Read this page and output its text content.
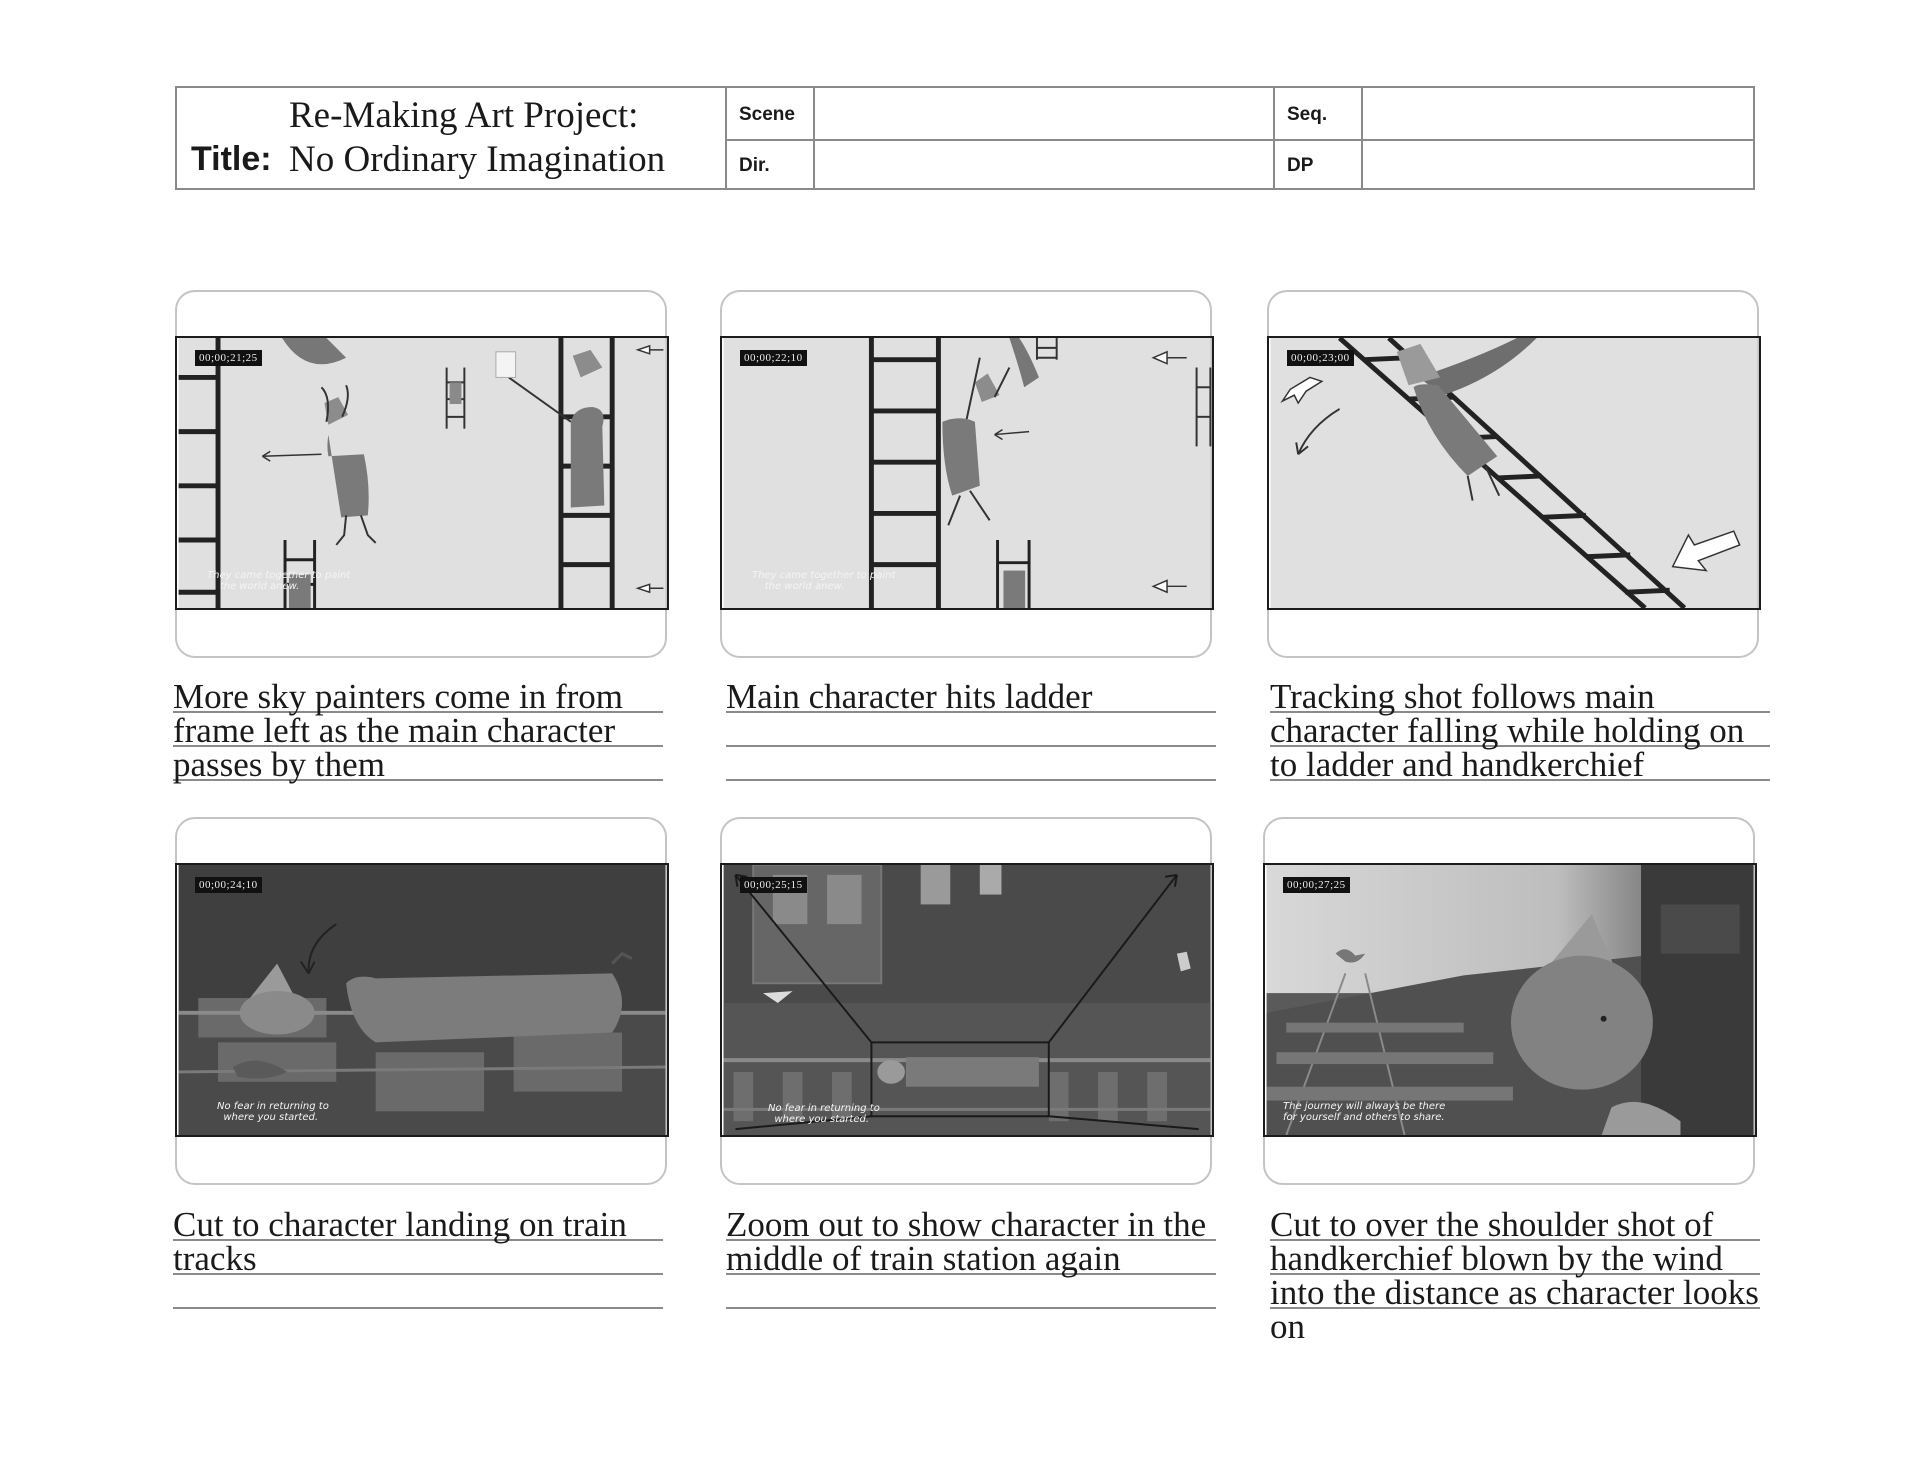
Re-Making Art Project:
Title: No Ordinary Imagination
Scene	Seq.
Dir.	DP
00;00;21;25
They came together to paint
the world anew.
More sky painters come in from frame left as the main character passes by them
00;00;22;10
They came together to paint
the world anew.
Main character hits ladder
00;00;23;00
Tracking shot follows main character falling while holding on to ladder and handkerchief
00;00;24;10
No fear in returning to
where you started.
Cut to character landing on train tracks
00;00;25;15
No fear in returning to
where you started.
Zoom out to show character in the middle of train station again
00;00;27;25
The journey will always be there
for yourself and others to share.
Cut to over the shoulder shot of handkerchief blown by the wind into the distance as character looks on
